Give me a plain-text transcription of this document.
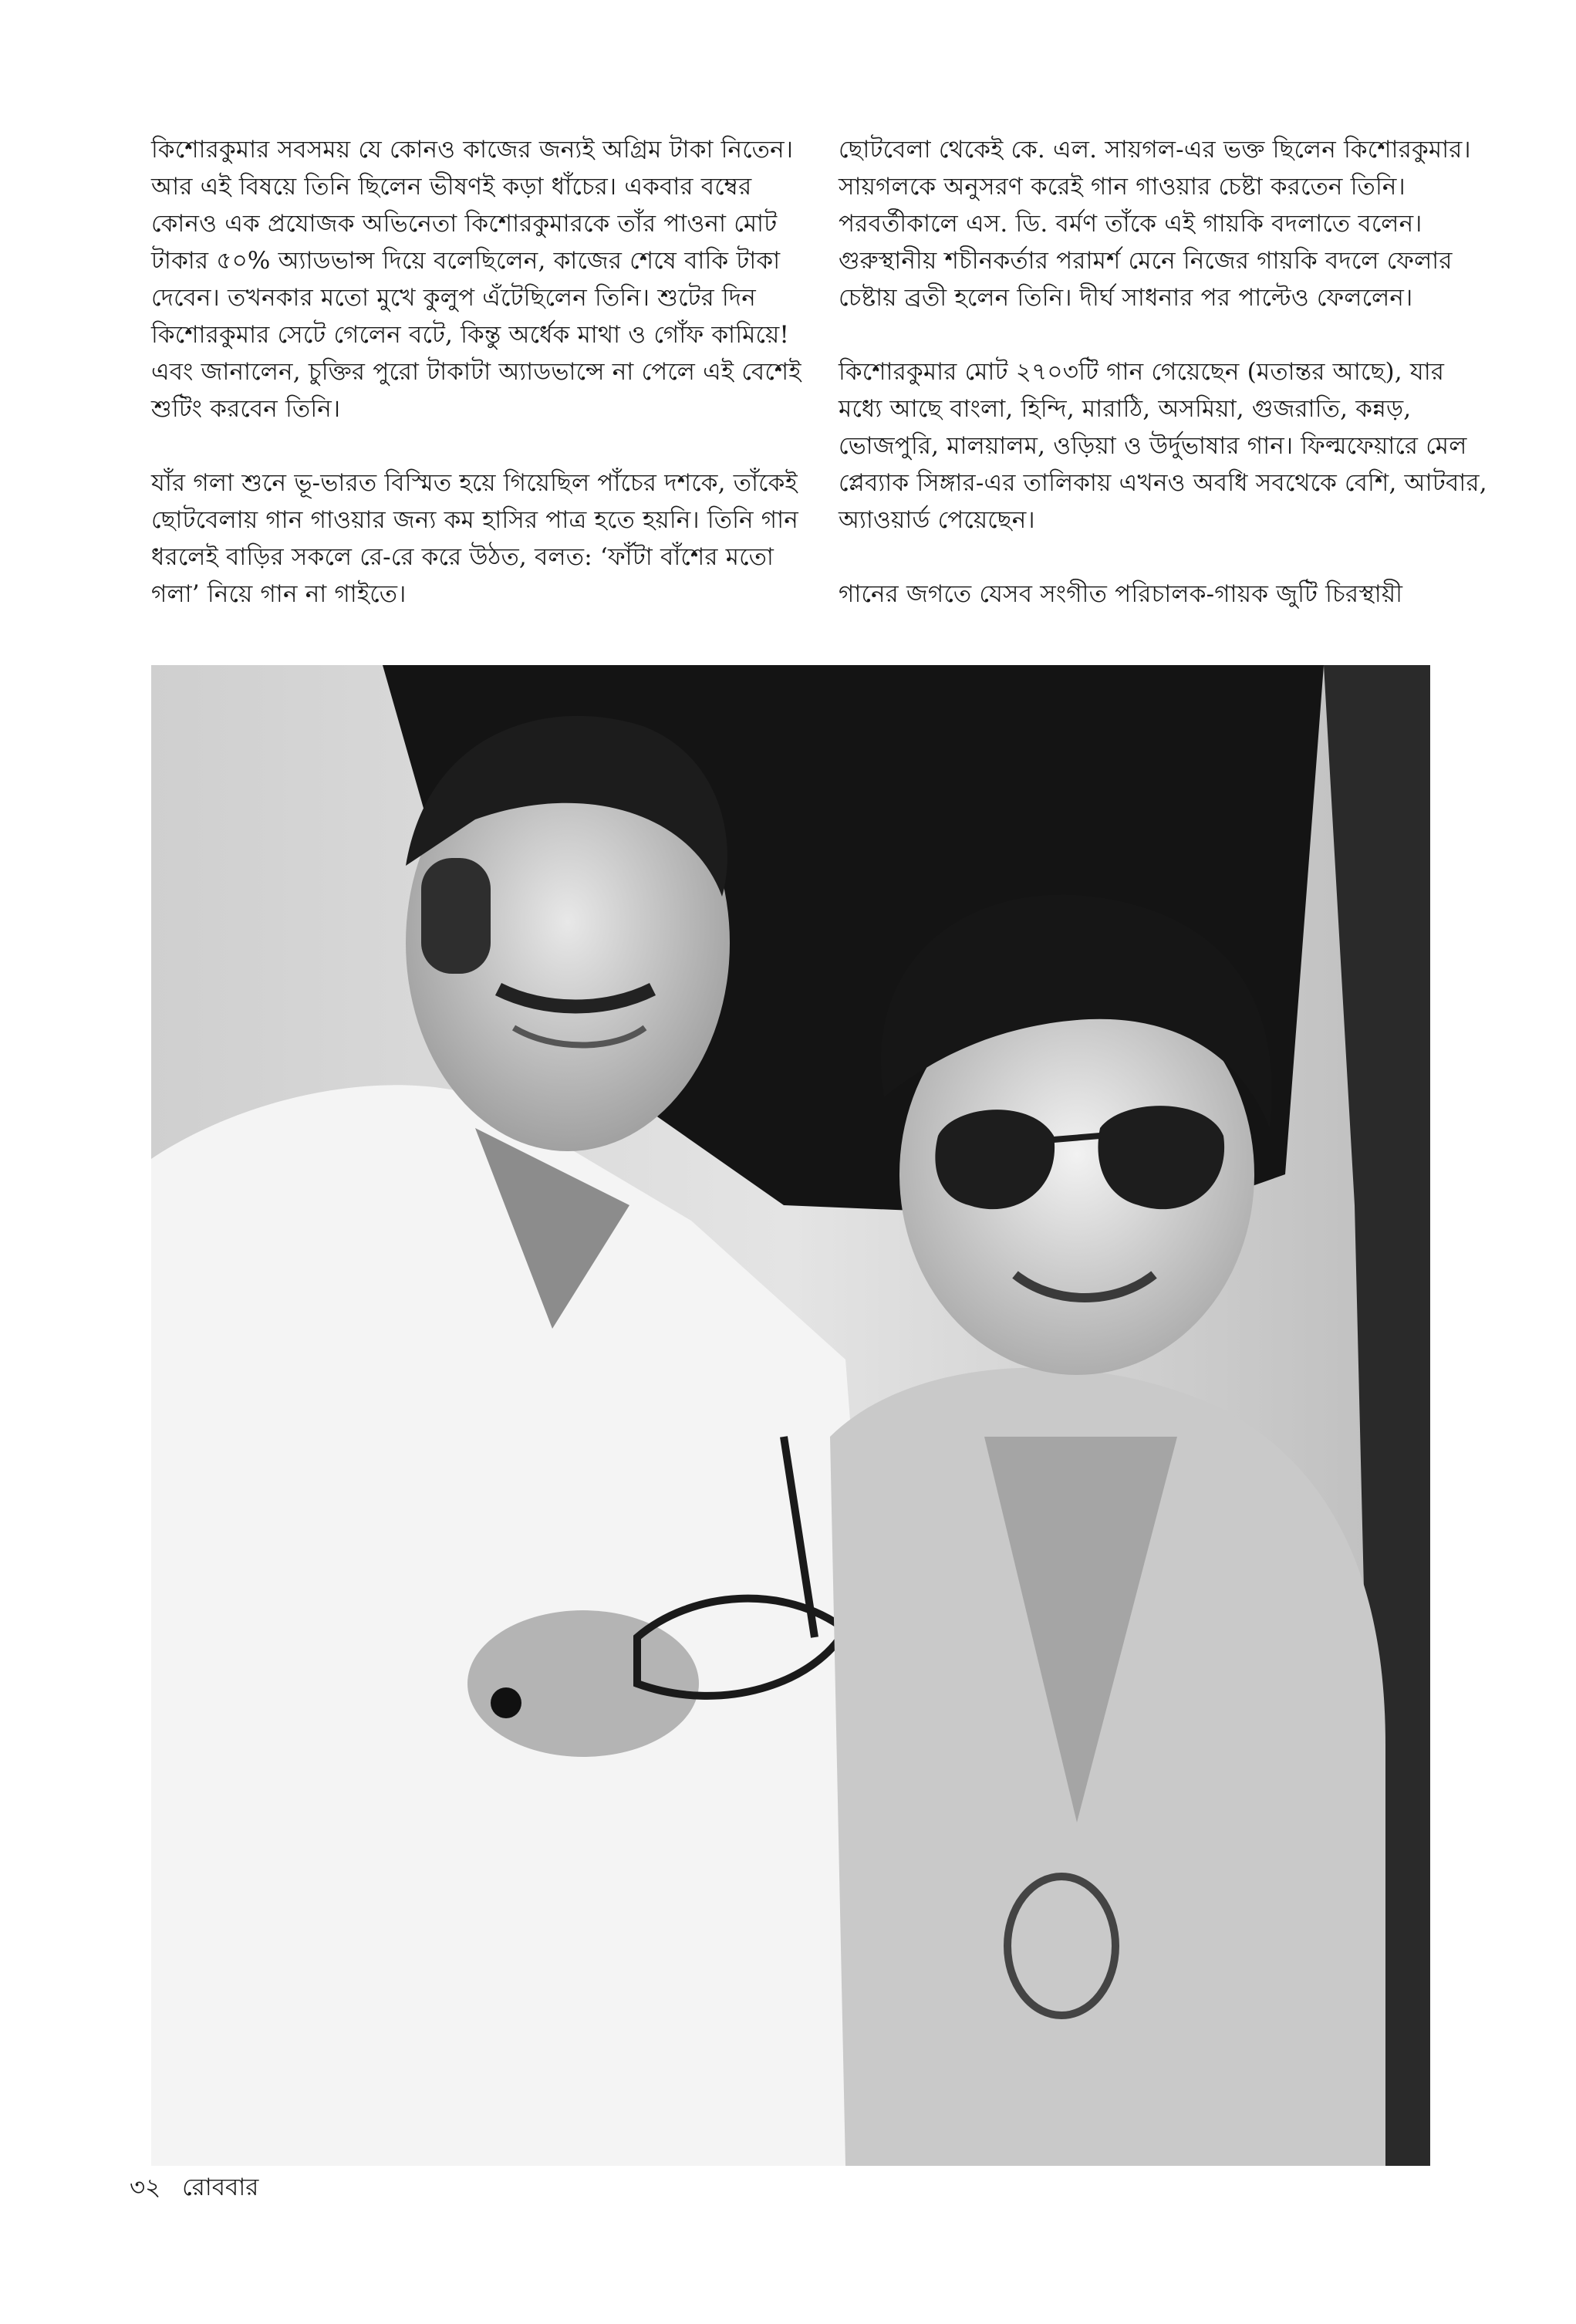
কিশোরকুমার সবসময় যে কোনও কাজের জন্যই অগ্রিম টাকা নিতেন। আর এই বিষয়ে তিনি ছিলেন ভীষণই কড়া ধাঁচের। একবার বম্বের কোনও এক প্রযোজক অভিনেতা কিশোরকুমারকে তাঁর পাওনা মোট টাকার ৫০% অ্যাডভান্স দিয়ে বলেছিলেন, কাজের শেষে বাকি টাকা দেবেন। তখনকার মতো মুখে কুলুপ এঁটেছিলেন তিনি। শুটের দিন কিশোরকুমার সেটে গেলেন বটে, কিন্তু অর্ধেক মাথা ও গোঁফ কামিয়ে! এবং জানালেন, চুক্তির পুরো টাকাটা অ্যাডভান্সে না পেলে এই বেশেই শুটিং করবেন তিনি।

যাঁর গলা শুনে ভূ-ভারত বিস্মিত হয়ে গিয়েছিল পাঁচের দশকে, তাঁকেই ছোটবেলায় গান গাওয়ার জন্য কম হাসির পাত্র হতে হয়নি। তিনি গান ধরলেই বাড়ির সকলে রে-রে করে উঠত, বলত: ‘ফাঁটা বাঁশের মতো গলা’ নিয়ে গান না গাইতে।

ছোটবেলা থেকেই কে. এল. সায়গল-এর ভক্ত ছিলেন কিশোরকুমার। সায়গলকে অনুসরণ করেই গান গাওয়ার চেষ্টা করতেন তিনি। পরবর্তীকালে এস. ডি. বর্মণ তাঁকে এই গায়কি বদলাতে বলেন। গুরুস্থানীয় শচীনকর্তার পরামর্শ মেনে নিজের গায়কি বদলে ফেলার চেষ্টায় ব্রতী হলেন তিনি। দীর্ঘ সাধনার পর পাল্টেও ফেললেন।

কিশোরকুমার মোট ২৭০৩টি গান গেয়েছেন (মতান্তর আছে), যার মধ্যে আছে বাংলা, হিন্দি, মারাঠি, অসমিয়া, গুজরাতি, কন্নড়, ভোজপুরি, মালয়ালম, ওড়িয়া ও উর্দুভাষার গান। ফিল্মফেয়ারে মেল প্লেব্যাক সিঙ্গার-এর তালিকায় এখনও অবধি সবথেকে বেশি, আটবার, অ্যাওয়ার্ড পেয়েছেন।

গানের জগতে যেসব সংগীত পরিচালক-গায়ক জুটি চিরস্থায়ী

৩২ রোববার
